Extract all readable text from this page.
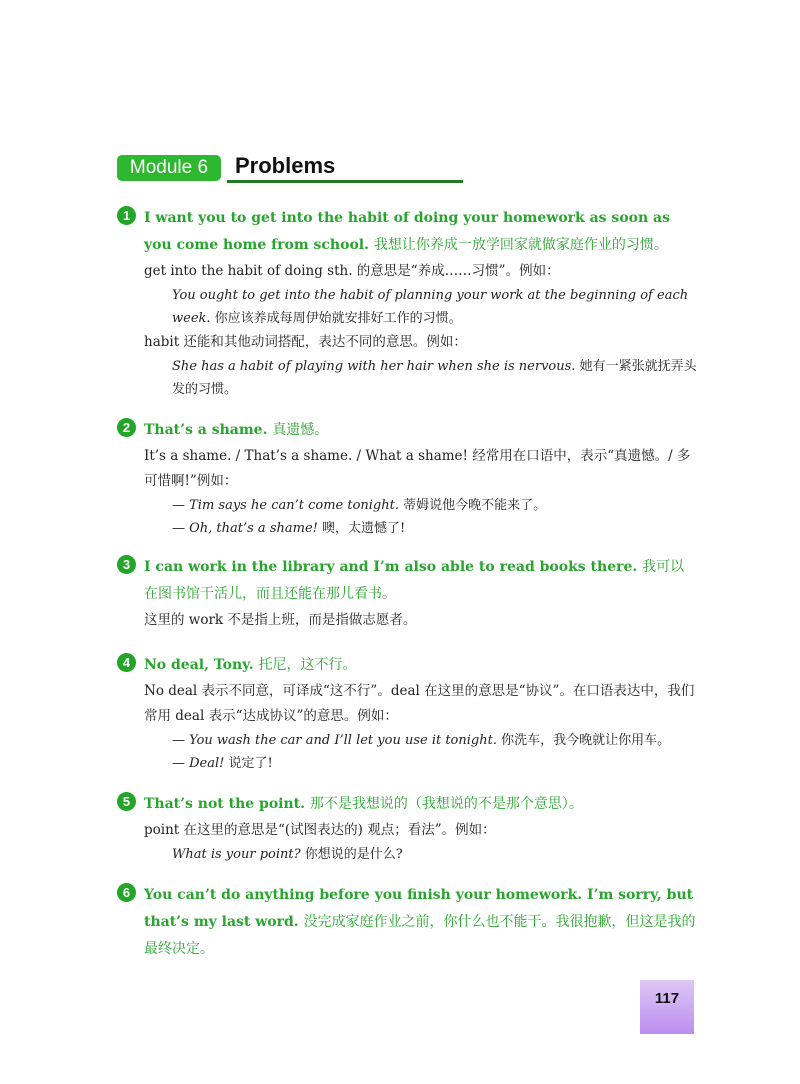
Module 6	Problems
1 I want you to get into the habit of doing your homework as soon as you come home from school. 我想让你养成一放学回家就做家庭作业的习惯。
get into the habit of doing sth. 的意思是“养成……习惯”。例如：
You ought to get into the habit of planning your work at the beginning of each week. 你应该养成每周伊始就安排好工作的习惯。
habit 还能和其他动词搭配，表达不同的意思。例如：
She has a habit of playing with her hair when she is nervous. 她有一紧张就抚弄头发的习惯。
2 That’s a shame. 真遗憾。
It’s a shame. / That’s a shame. / What a shame! 经常用在口语中，表示“真遗憾。/ 多可惜啊!”例如：
— Tim says he can’t come tonight. 蒂姆说他今晚不能来了。
— Oh, that’s a shame! 噢，太遗憾了!
3 I can work in the library and I’m also able to read books there. 我可以在图书馆干活儿，而且还能在那儿看书。
这里的 work 不是指上班，而是指做志愿者。
4 No deal, Tony. 托尼，这不行。
No deal 表示不同意，可译成“这不行”。deal 在这里的意思是“协议”。在口语表达中，我们常用 deal 表示“达成协议”的意思。例如：
— You wash the car and I’ll let you use it tonight. 你洗车，我今晚就让你用车。
— Deal! 说定了!
5 That’s not the point. 那不是我想说的（我想说的不是那个意思）。
point 在这里的意思是“(试图表达的) 观点；看法”。例如：
What is your point? 你想说的是什么?
6 You can’t do anything before you finish your homework. I’m sorry, but that’s my last word. 没完成家庭作业之前，你什么也不能干。我很抱歉，但这是我的最终决定。
117
